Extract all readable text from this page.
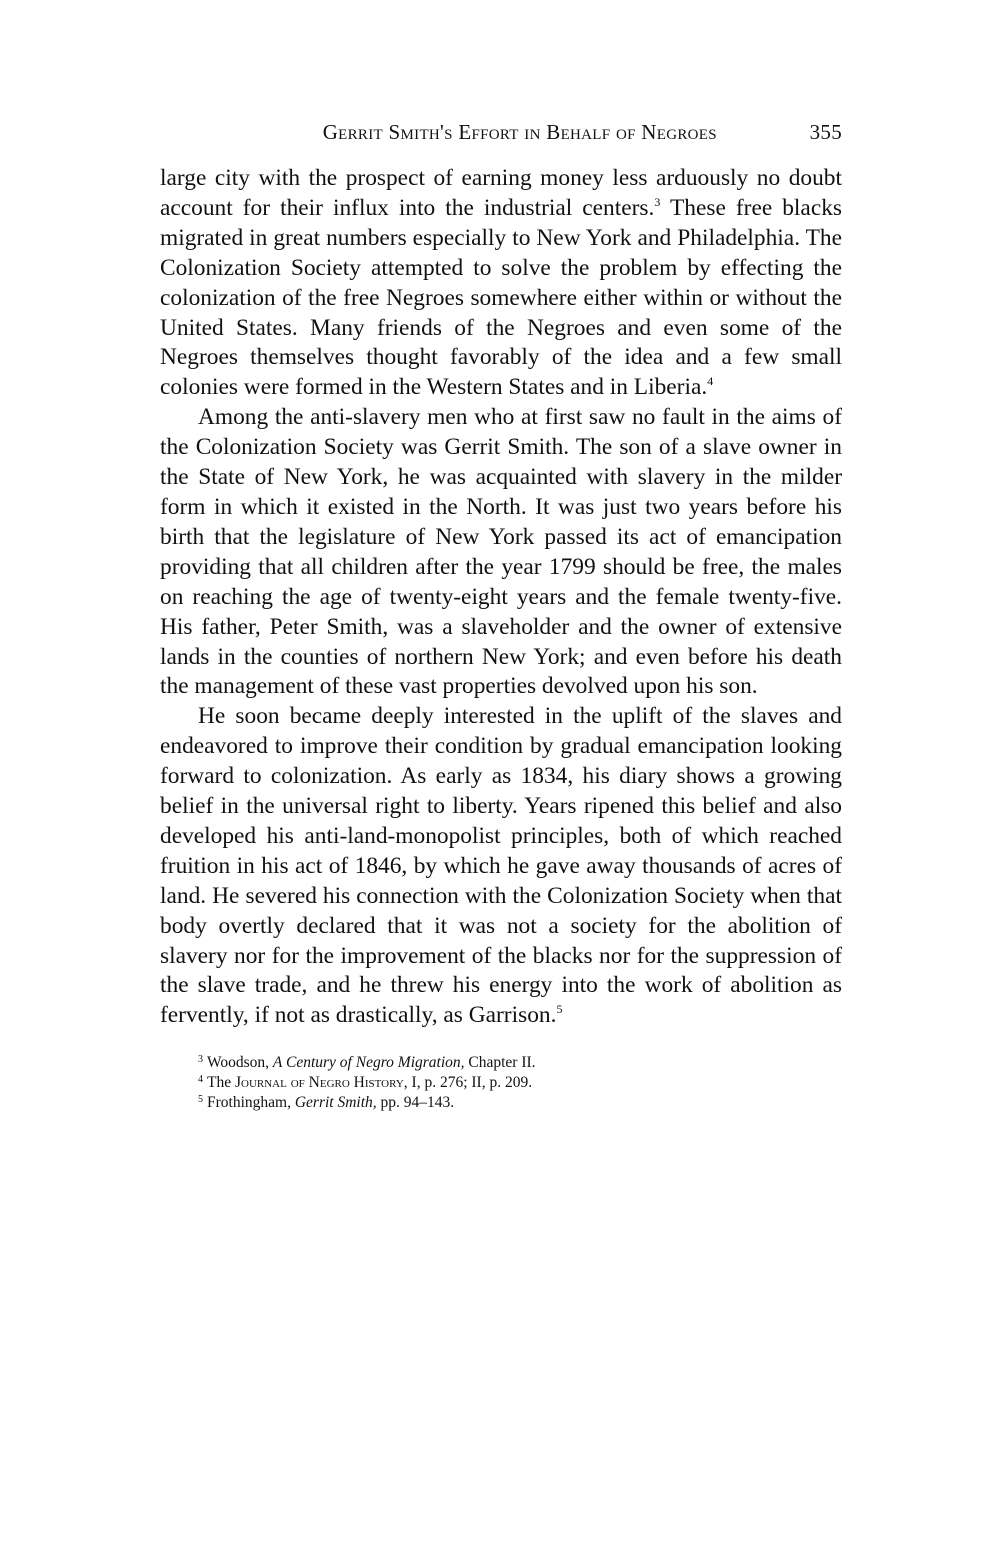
Gerrit Smith's Effort in Behalf of Negroes	355

large city with the prospect of earning money less arduously no doubt account for their influx into the industrial centers.$^3$ These free blacks migrated in great numbers especially to New York and Philadelphia. The Colonization Society attempted to solve the problem by effecting the colonization of the free Negroes somewhere either within or without the United States. Many friends of the Negroes and even some of the Negroes themselves thought favorably of the idea and a few small colonies were formed in the Western States and in Liberia.$^4$

Among the anti-slavery men who at first saw no fault in the aims of the Colonization Society was Gerrit Smith. The son of a slave owner in the State of New York, he was acquainted with slavery in the milder form in which it existed in the North. It was just two years before his birth that the legislature of New York passed its act of emancipation providing that all children after the year 1799 should be free, the males on reaching the age of twenty-eight years and the female twenty-five. His father, Peter Smith, was a slaveholder and the owner of extensive lands in the counties of northern New York; and even before his death the management of these vast properties devolved upon his son.

He soon became deeply interested in the uplift of the slaves and endeavored to improve their condition by gradual emancipation looking forward to colonization. As early as 1834, his diary shows a growing belief in the universal right to liberty. Years ripened this belief and also developed his anti-land-monopolist principles, both of which reached fruition in his act of 1846, by which he gave away thousands of acres of land. He severed his connection with the Colonization Society when that body overtly declared that it was not a society for the abolition of slavery nor for the improvement of the blacks nor for the suppression of the slave trade, and he threw his energy into the work of abolition as fervently, if not as drastically, as Garrison.$^5$

$^3$ Woodson, A Century of Negro Migration, Chapter II.

$^4$ The Journal of Negro History, I, p. 276; II, p. 209.

$^5$ Frothingham, Gerrit Smith, pp. 94–143.
